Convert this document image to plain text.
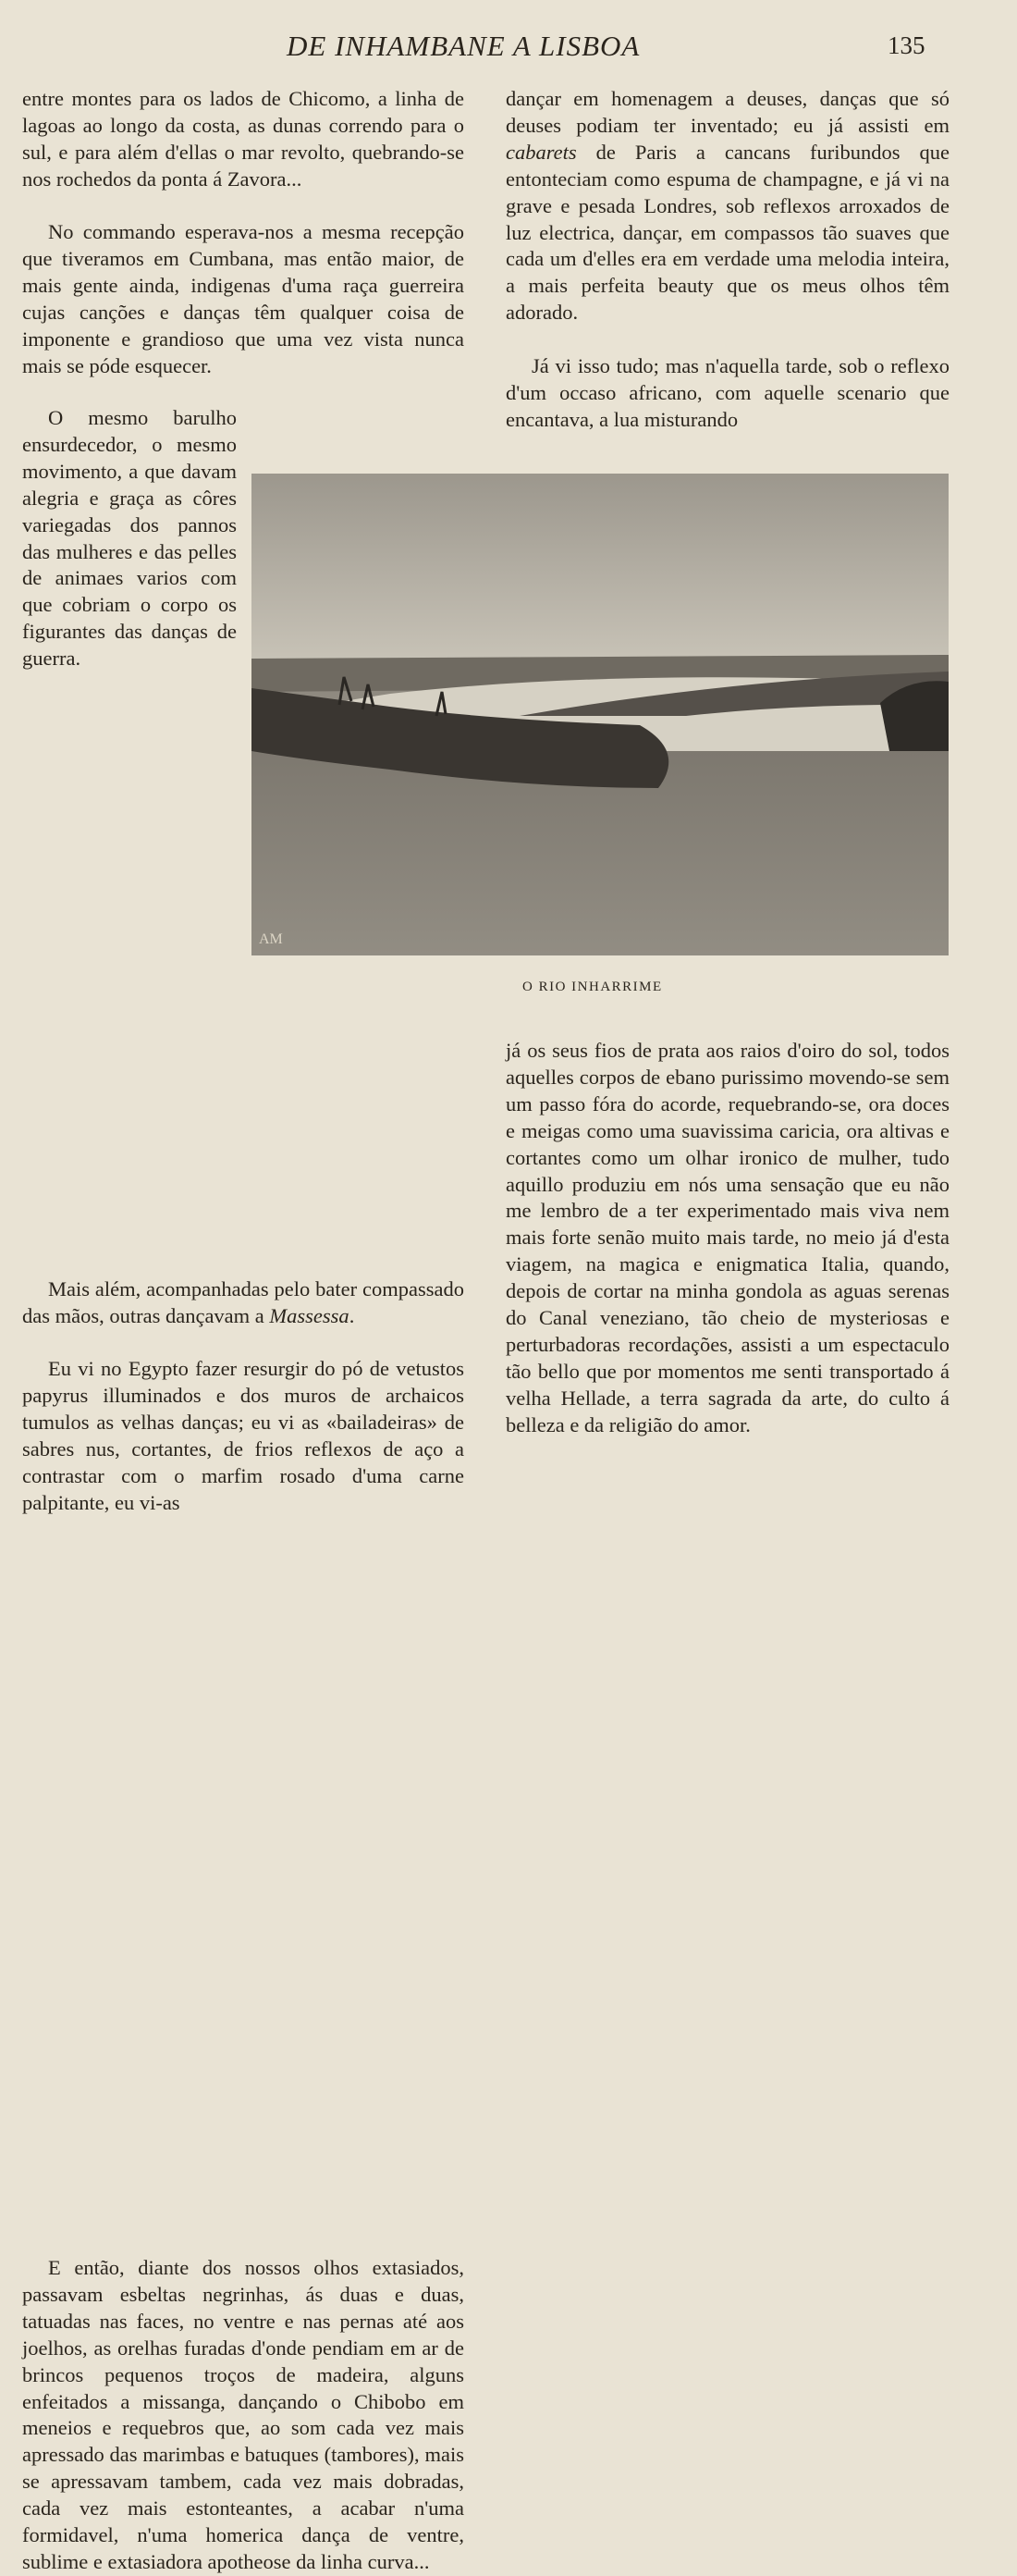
DE INHAMBANE A LISBOA	135

entre montes para os lados de Chicomo, a linha de lagoas ao longo da costa, as dunas correndo para o sul, e para além d'ellas o mar revolto, quebrando-se nos rochedos da ponta á Zavora...

No commando esperava-nos a mesma recepção que tiveramos em Cumbana, mas então maior, de mais gente ainda, indigenas d'uma raça guerreira cujas canções e danças têm qualquer coisa de imponente e grandioso que uma vez vista nunca mais se póde esquecer.

O mesmo barulho ensurdecedor, o mesmo movimento, a que davam alegria e graça as côres variegadas dos pannos das mulheres e das pelles de animaes varios com que cobriam o corpo os figurantes das danças de guerra.

E então, diante dos nossos olhos extasiados, passavam esbeltas negrinhas, ás duas e duas, tatuadas nas faces, no ventre e nas pernas até aos joelhos, as orelhas furadas d'onde pendiam em ar de brincos pequenos troços de madeira, alguns enfeitados a missanga, dançando o Chibobo em meneios e requebros que, ao som cada vez mais apressado das marimbas e batuques (tambores), mais se apressavam tambem, cada vez mais dobradas, cada vez mais estonteantes, a acabar n'uma formidavel, n'uma homerica dança de ventre, sublime e extasiadora apotheose da linha curva...

Mais além, acompanhadas pelo bater compassado das mãos, outras dançavam a Massessa.

Eu vi no Egypto fazer resurgir do pó de vetustos papyrus illuminados e dos muros de archaicos tumulos as velhas danças; eu vi as «bailadeiras» de sabres nus, cortantes, de frios reflexos de aço a contrastar com o marfim rosado d'uma carne palpitante, eu vi-as

dançar em homenagem a deuses, danças que só deuses podiam ter inventado; eu já assisti em cabarets de Paris a cancans furibundos que entonteciam como espuma de champagne, e já vi na grave e pesada Londres, sob reflexos arroxados de luz electrica, dançar, em compassos tão suaves que cada um d'elles era em verdade uma melodia inteira, a mais perfeita beauty que os meus olhos têm adorado.

Já vi isso tudo; mas n'aquella tarde, sob o reflexo d'um occaso africano, com aquelle scenario que encantava, a lua misturando

já os seus fios de prata aos raios d'oiro do sol, todos aquelles corpos de ebano purissimo movendo-se sem um passo fóra do acorde, requebrando-se, ora doces e meigas como uma suavissima caricia, ora altivas e cortantes como um olhar ironico de mulher, tudo aquillo produziu em nós uma sensação que eu não me lembro de a ter experimentado mais viva nem mais forte senão muito mais tarde, no meio já d'esta viagem, na magica e enigmatica Italia, quando, depois de cortar na minha gondola as aguas serenas do Canal veneziano, tão cheio de mysteriosas e perturbadoras recordações, assisti a um espectaculo tão bello que por momentos me senti transportado á velha Hellade, a terra sagrada da arte, do culto á belleza e da religião do amor.

AM
O RIO INHARRIME
